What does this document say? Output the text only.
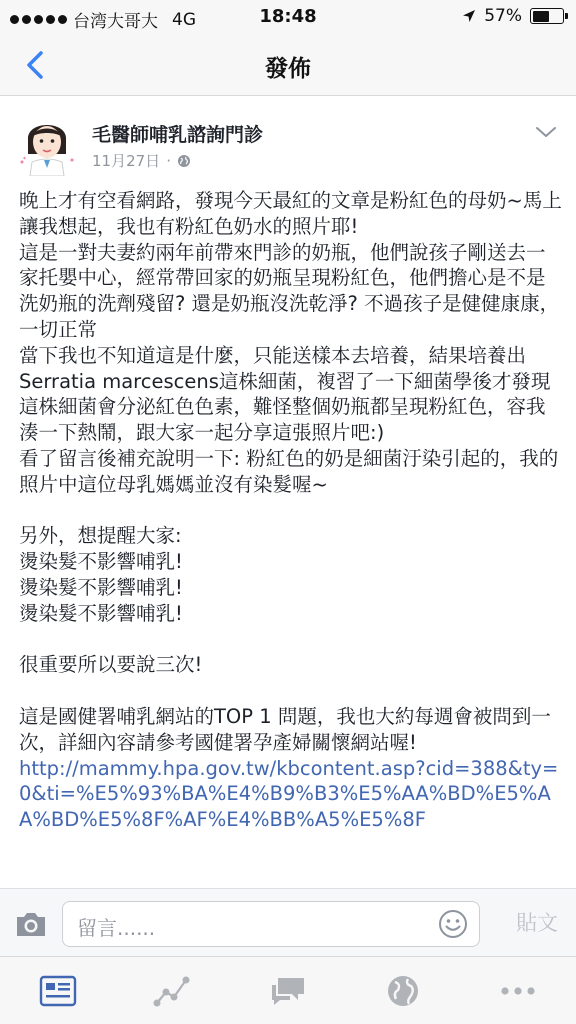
台湾大哥大 4G	18:48	57%
發佈
毛醫師哺乳諮詢門診
11月27日 ·
晚上才有空看網路，發現今天最紅的文章是粉紅色的母奶~馬上讓我想起，我也有粉紅色奶水的照片耶!
這是一對夫妻約兩年前帶來門診的奶瓶，他們說孩子剛送去一家托嬰中心，經常帶回家的奶瓶呈現粉紅色，他們擔心是不是洗奶瓶的洗劑殘留? 還是奶瓶沒洗乾淨? 不過孩子是健健康康，一切正常
當下我也不知道這是什麼，只能送樣本去培養，結果培養出Serratia marcescens這株細菌，複習了一下細菌學後才發現這株細菌會分泌紅色色素，難怪整個奶瓶都呈現粉紅色，容我湊一下熱鬧，跟大家一起分享這張照片吧:)
看了留言後補充說明一下: 粉紅色的奶是細菌汙染引起的，我的照片中這位母乳媽媽並沒有染髮喔~

另外，想提醒大家:
燙染髮不影響哺乳!
燙染髮不影響哺乳!
燙染髮不影響哺乳!

很重要所以要說三次!

這是國健署哺乳網站的TOP 1 問題，我也大約每週會被問到一次，詳細內容請參考國健署孕產婦關懷網站喔!
http://mammy.hpa.gov.tw/kbcontent.asp?cid=388&ty=0&ti=%E5%93%BA%E4%B9%B3%E5%AA%BD%E5%AA%BD%E5%8F%AF%E4%BB%A5%E5%8F
留言......	貼文
